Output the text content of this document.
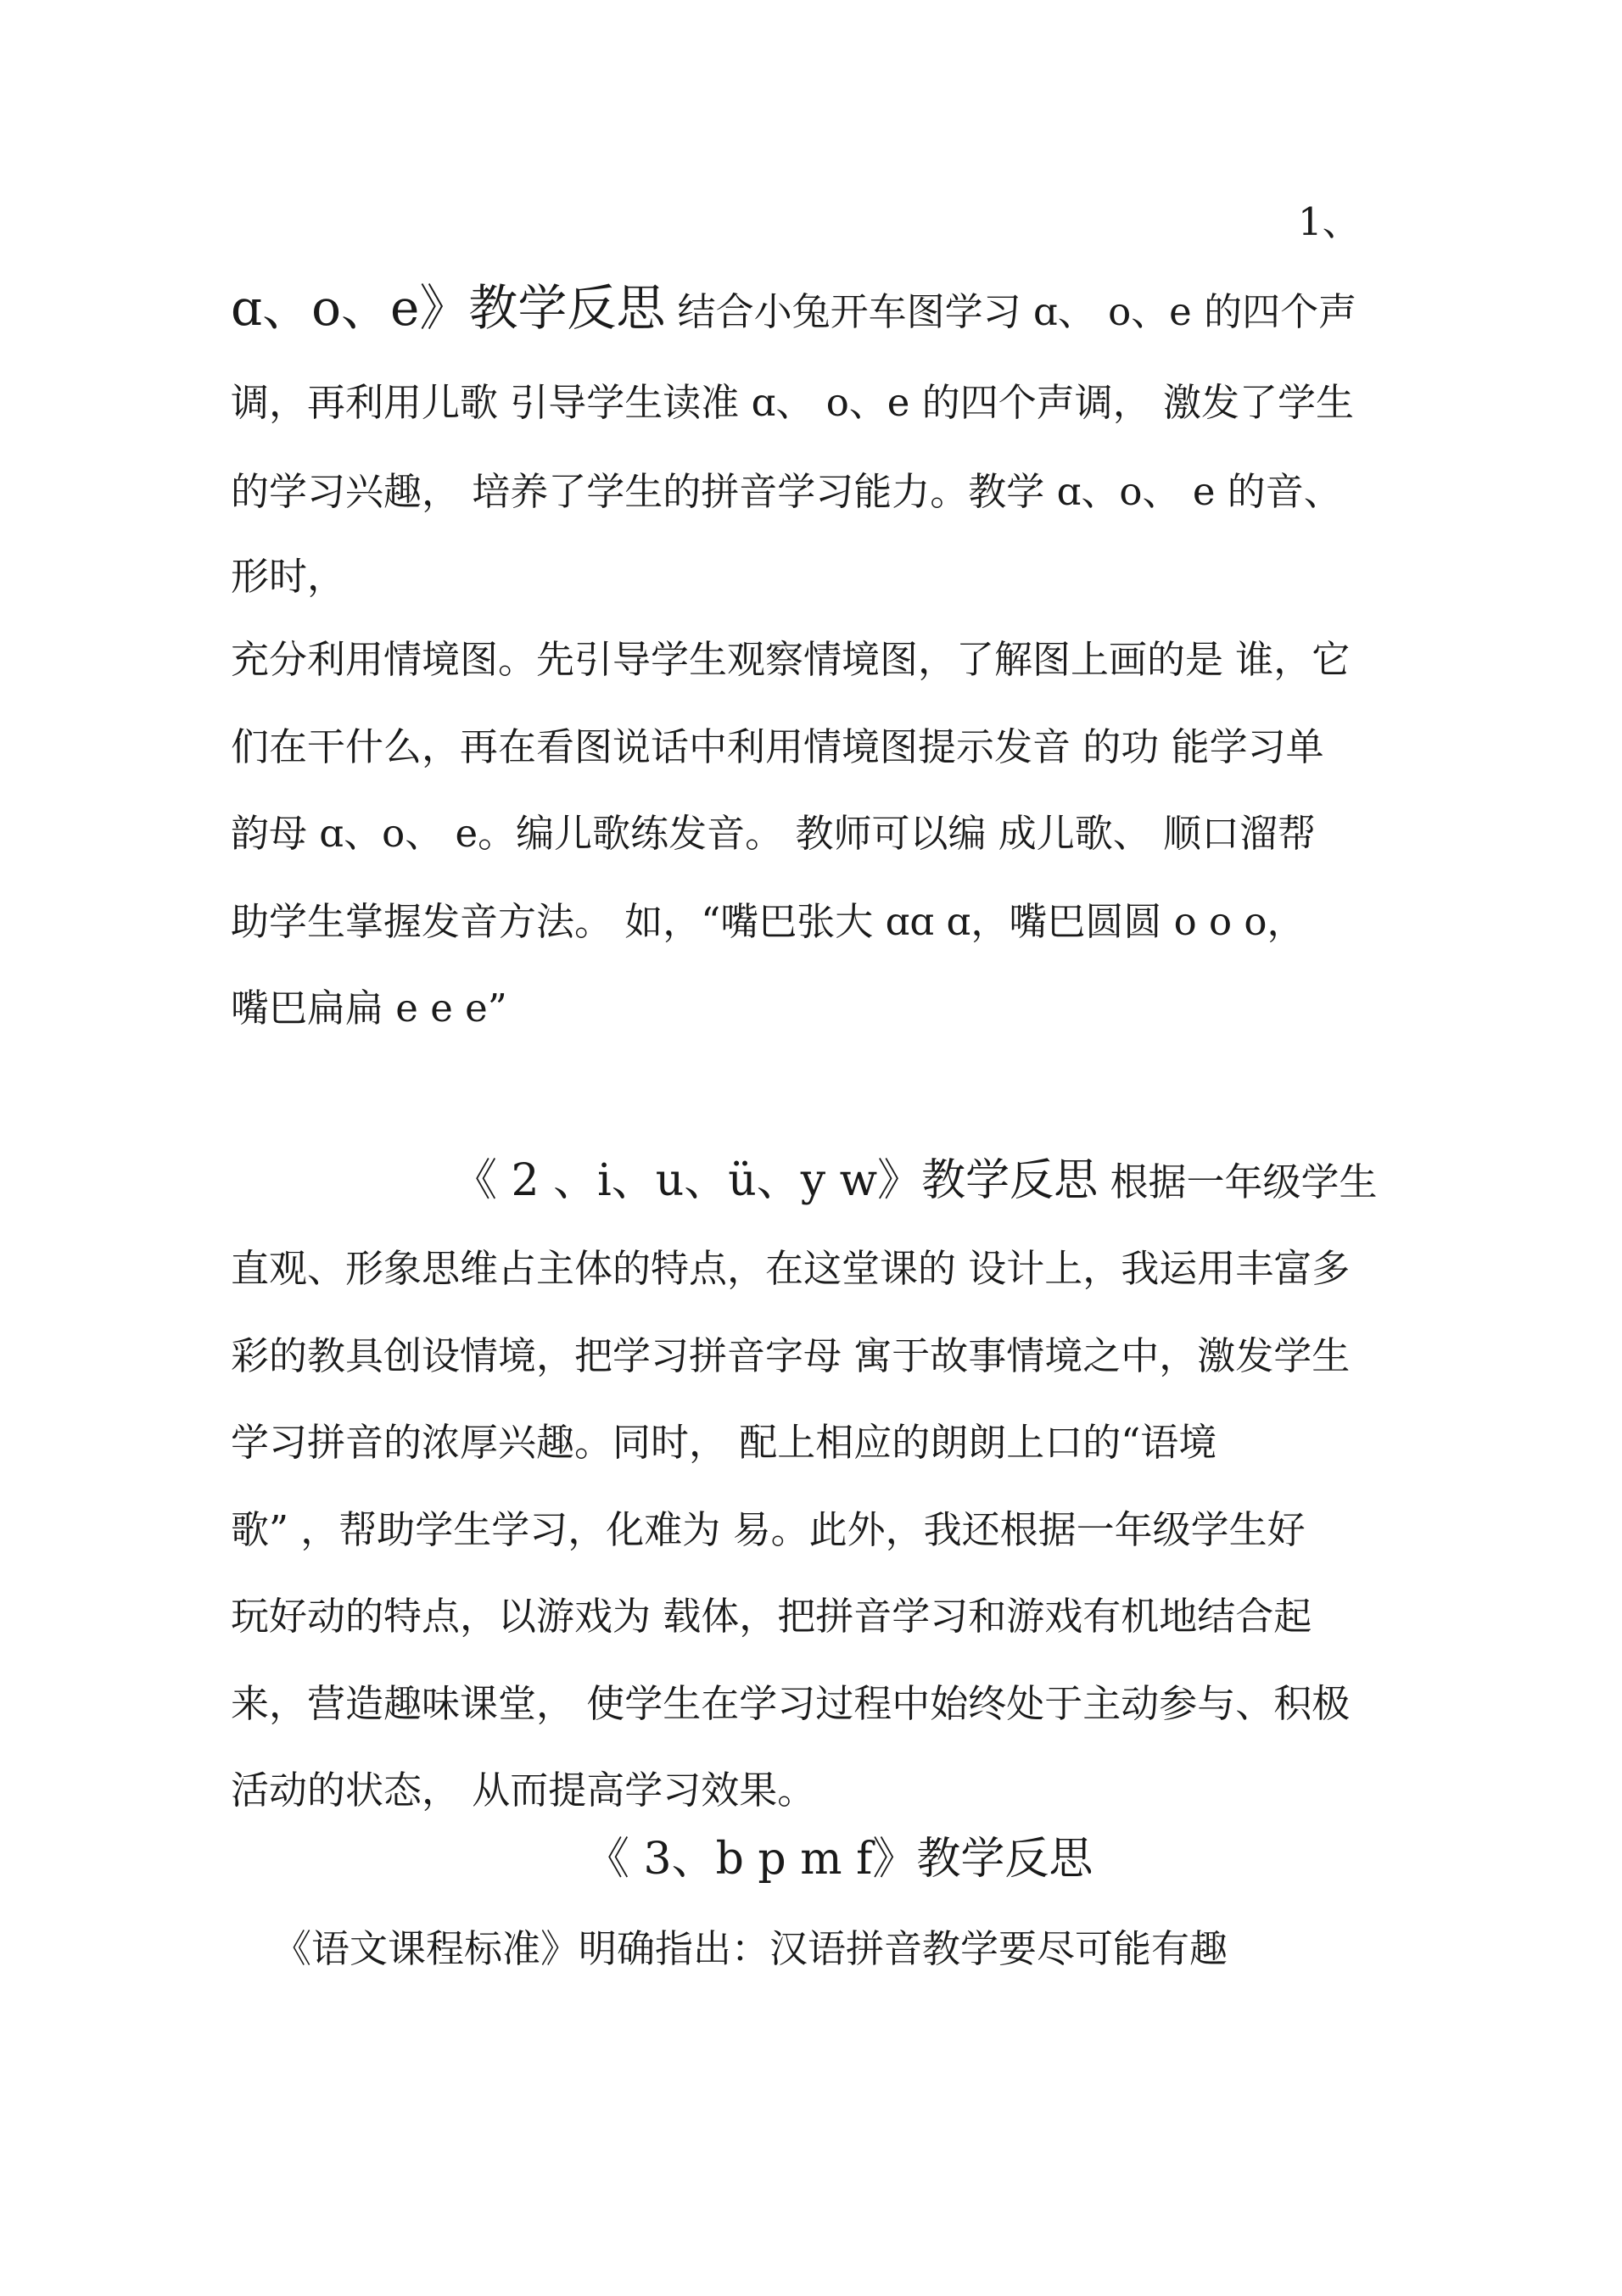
1、
ɑ、o、e》教学反思 结合小兔开车图学习 ɑ、 o、e 的四个声
调，再利用儿歌 引导学生读准 ɑ、 o、e 的四个声调， 激发了学生
的学习兴趣， 培养了学生的拼音学习能力。教学 ɑ、o、 e 的音、
形时，
充分利用情境图。先引导学生观察情境图，了解图上画的是 谁，它
们在干什么，再在看图说话中利用情境图提示发音 的功 能学习单
韵母 ɑ、o、 e。编儿歌练发音。 教师可以编 成儿歌、 顺口溜帮
助学生掌握发音方法。 如，“嘴巴张大 ɑɑ ɑ，嘴巴圆圆 o o o，
嘴巴扁扁 e e e”
《 2 、i、u、ü、y w》教学反思 根据一年级学生
直观、形象思维占主体的特点，在这堂课的 设计上，我运用丰富多
彩的教具创设情境，把学习拼音字母 寓于故事情境之中，激发学生
学习拼音的浓厚兴趣。同时， 配上相应的朗朗上口的“语境
歌” ，帮助学生学习，化难为 易。此外，我还根据一年级学生好
玩好动的特点，以游戏为 载体，把拼音学习和游戏有机地结合起
来，营造趣味课堂， 使学生在学习过程中始终处于主动参与、积极
活动的状态， 从而提高学习效果。
《 3、b p m f》教学反思
《语文课程标准》明确指出：汉语拼音教学要尽可能有趣
